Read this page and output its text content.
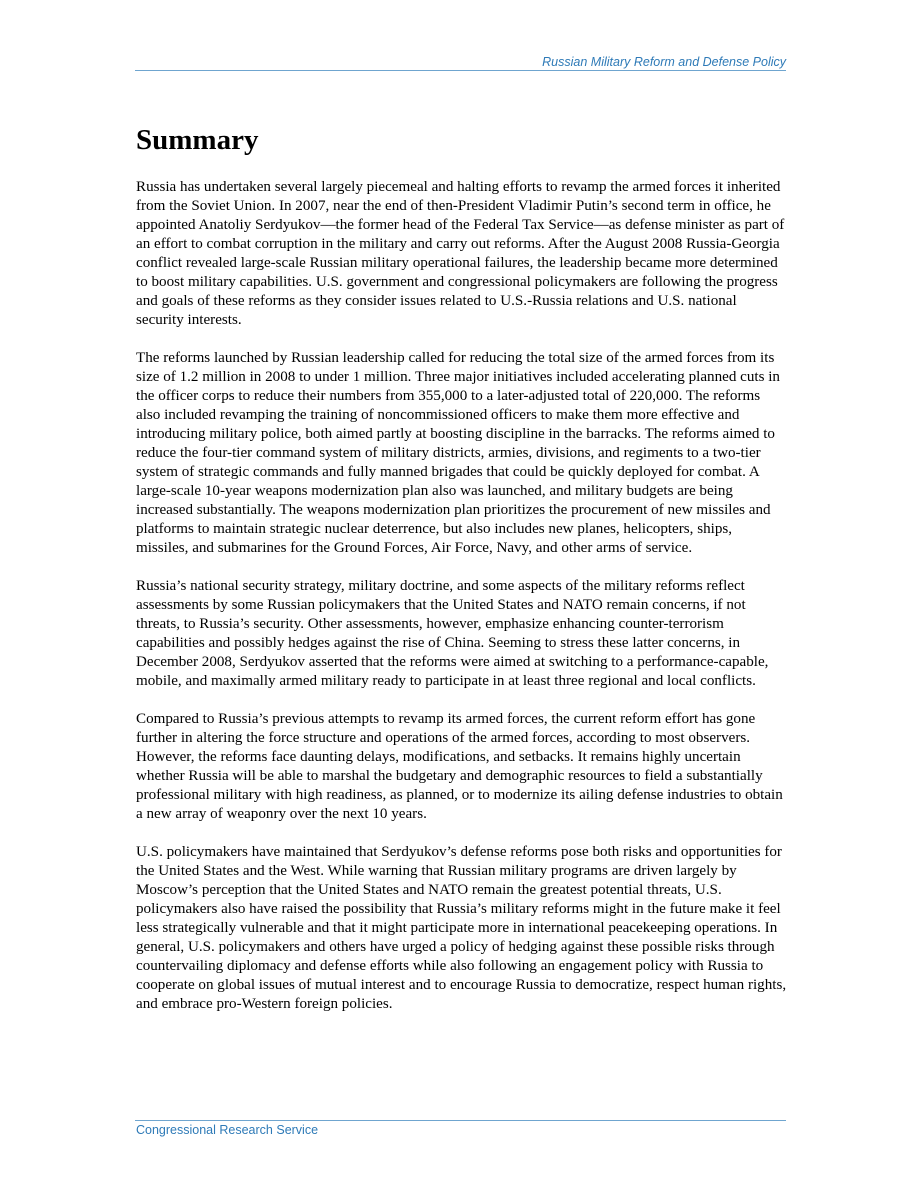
Russian Military Reform and Defense Policy
Summary

Russia has undertaken several largely piecemeal and halting efforts to revamp the armed forces it inherited from the Soviet Union. In 2007, near the end of then-President Vladimir Putin’s second term in office, he appointed Anatoliy Serdyukov—the former head of the Federal Tax Service—as defense minister as part of an effort to combat corruption in the military and carry out reforms. After the August 2008 Russia-Georgia conflict revealed large-scale Russian military operational failures, the leadership became more determined to boost military capabilities. U.S. government and congressional policymakers are following the progress and goals of these reforms as they consider issues related to U.S.-Russia relations and U.S. national security interests.

The reforms launched by Russian leadership called for reducing the total size of the armed forces from its size of 1.2 million in 2008 to under 1 million. Three major initiatives included accelerating planned cuts in the officer corps to reduce their numbers from 355,000 to a later-adjusted total of 220,000. The reforms also included revamping the training of noncommissioned officers to make them more effective and introducing military police, both aimed partly at boosting discipline in the barracks. The reforms aimed to reduce the four-tier command system of military districts, armies, divisions, and regiments to a two-tier system of strategic commands and fully manned brigades that could be quickly deployed for combat. A large-scale 10-year weapons modernization plan also was launched, and military budgets are being increased substantially. The weapons modernization plan prioritizes the procurement of new missiles and platforms to maintain strategic nuclear deterrence, but also includes new planes, helicopters, ships, missiles, and submarines for the Ground Forces, Air Force, Navy, and other arms of service.

Russia’s national security strategy, military doctrine, and some aspects of the military reforms reflect assessments by some Russian policymakers that the United States and NATO remain concerns, if not threats, to Russia’s security. Other assessments, however, emphasize enhancing counter-terrorism capabilities and possibly hedges against the rise of China. Seeming to stress these latter concerns, in December 2008, Serdyukov asserted that the reforms were aimed at switching to a performance-capable, mobile, and maximally armed military ready to participate in at least three regional and local conflicts.

Compared to Russia’s previous attempts to revamp its armed forces, the current reform effort has gone further in altering the force structure and operations of the armed forces, according to most observers. However, the reforms face daunting delays, modifications, and setbacks. It remains highly uncertain whether Russia will be able to marshal the budgetary and demographic resources to field a substantially professional military with high readiness, as planned, or to modernize its ailing defense industries to obtain a new array of weaponry over the next 10 years.

U.S. policymakers have maintained that Serdyukov’s defense reforms pose both risks and opportunities for the United States and the West. While warning that Russian military programs are driven largely by Moscow’s perception that the United States and NATO remain the greatest potential threats, U.S. policymakers also have raised the possibility that Russia’s military reforms might in the future make it feel less strategically vulnerable and that it might participate more in international peacekeeping operations. In general, U.S. policymakers and others have urged a policy of hedging against these possible risks through countervailing diplomacy and defense efforts while also following an engagement policy with Russia to cooperate on global issues of mutual interest and to encourage Russia to democratize, respect human rights, and embrace pro-Western foreign policies.

Congressional Research Service
